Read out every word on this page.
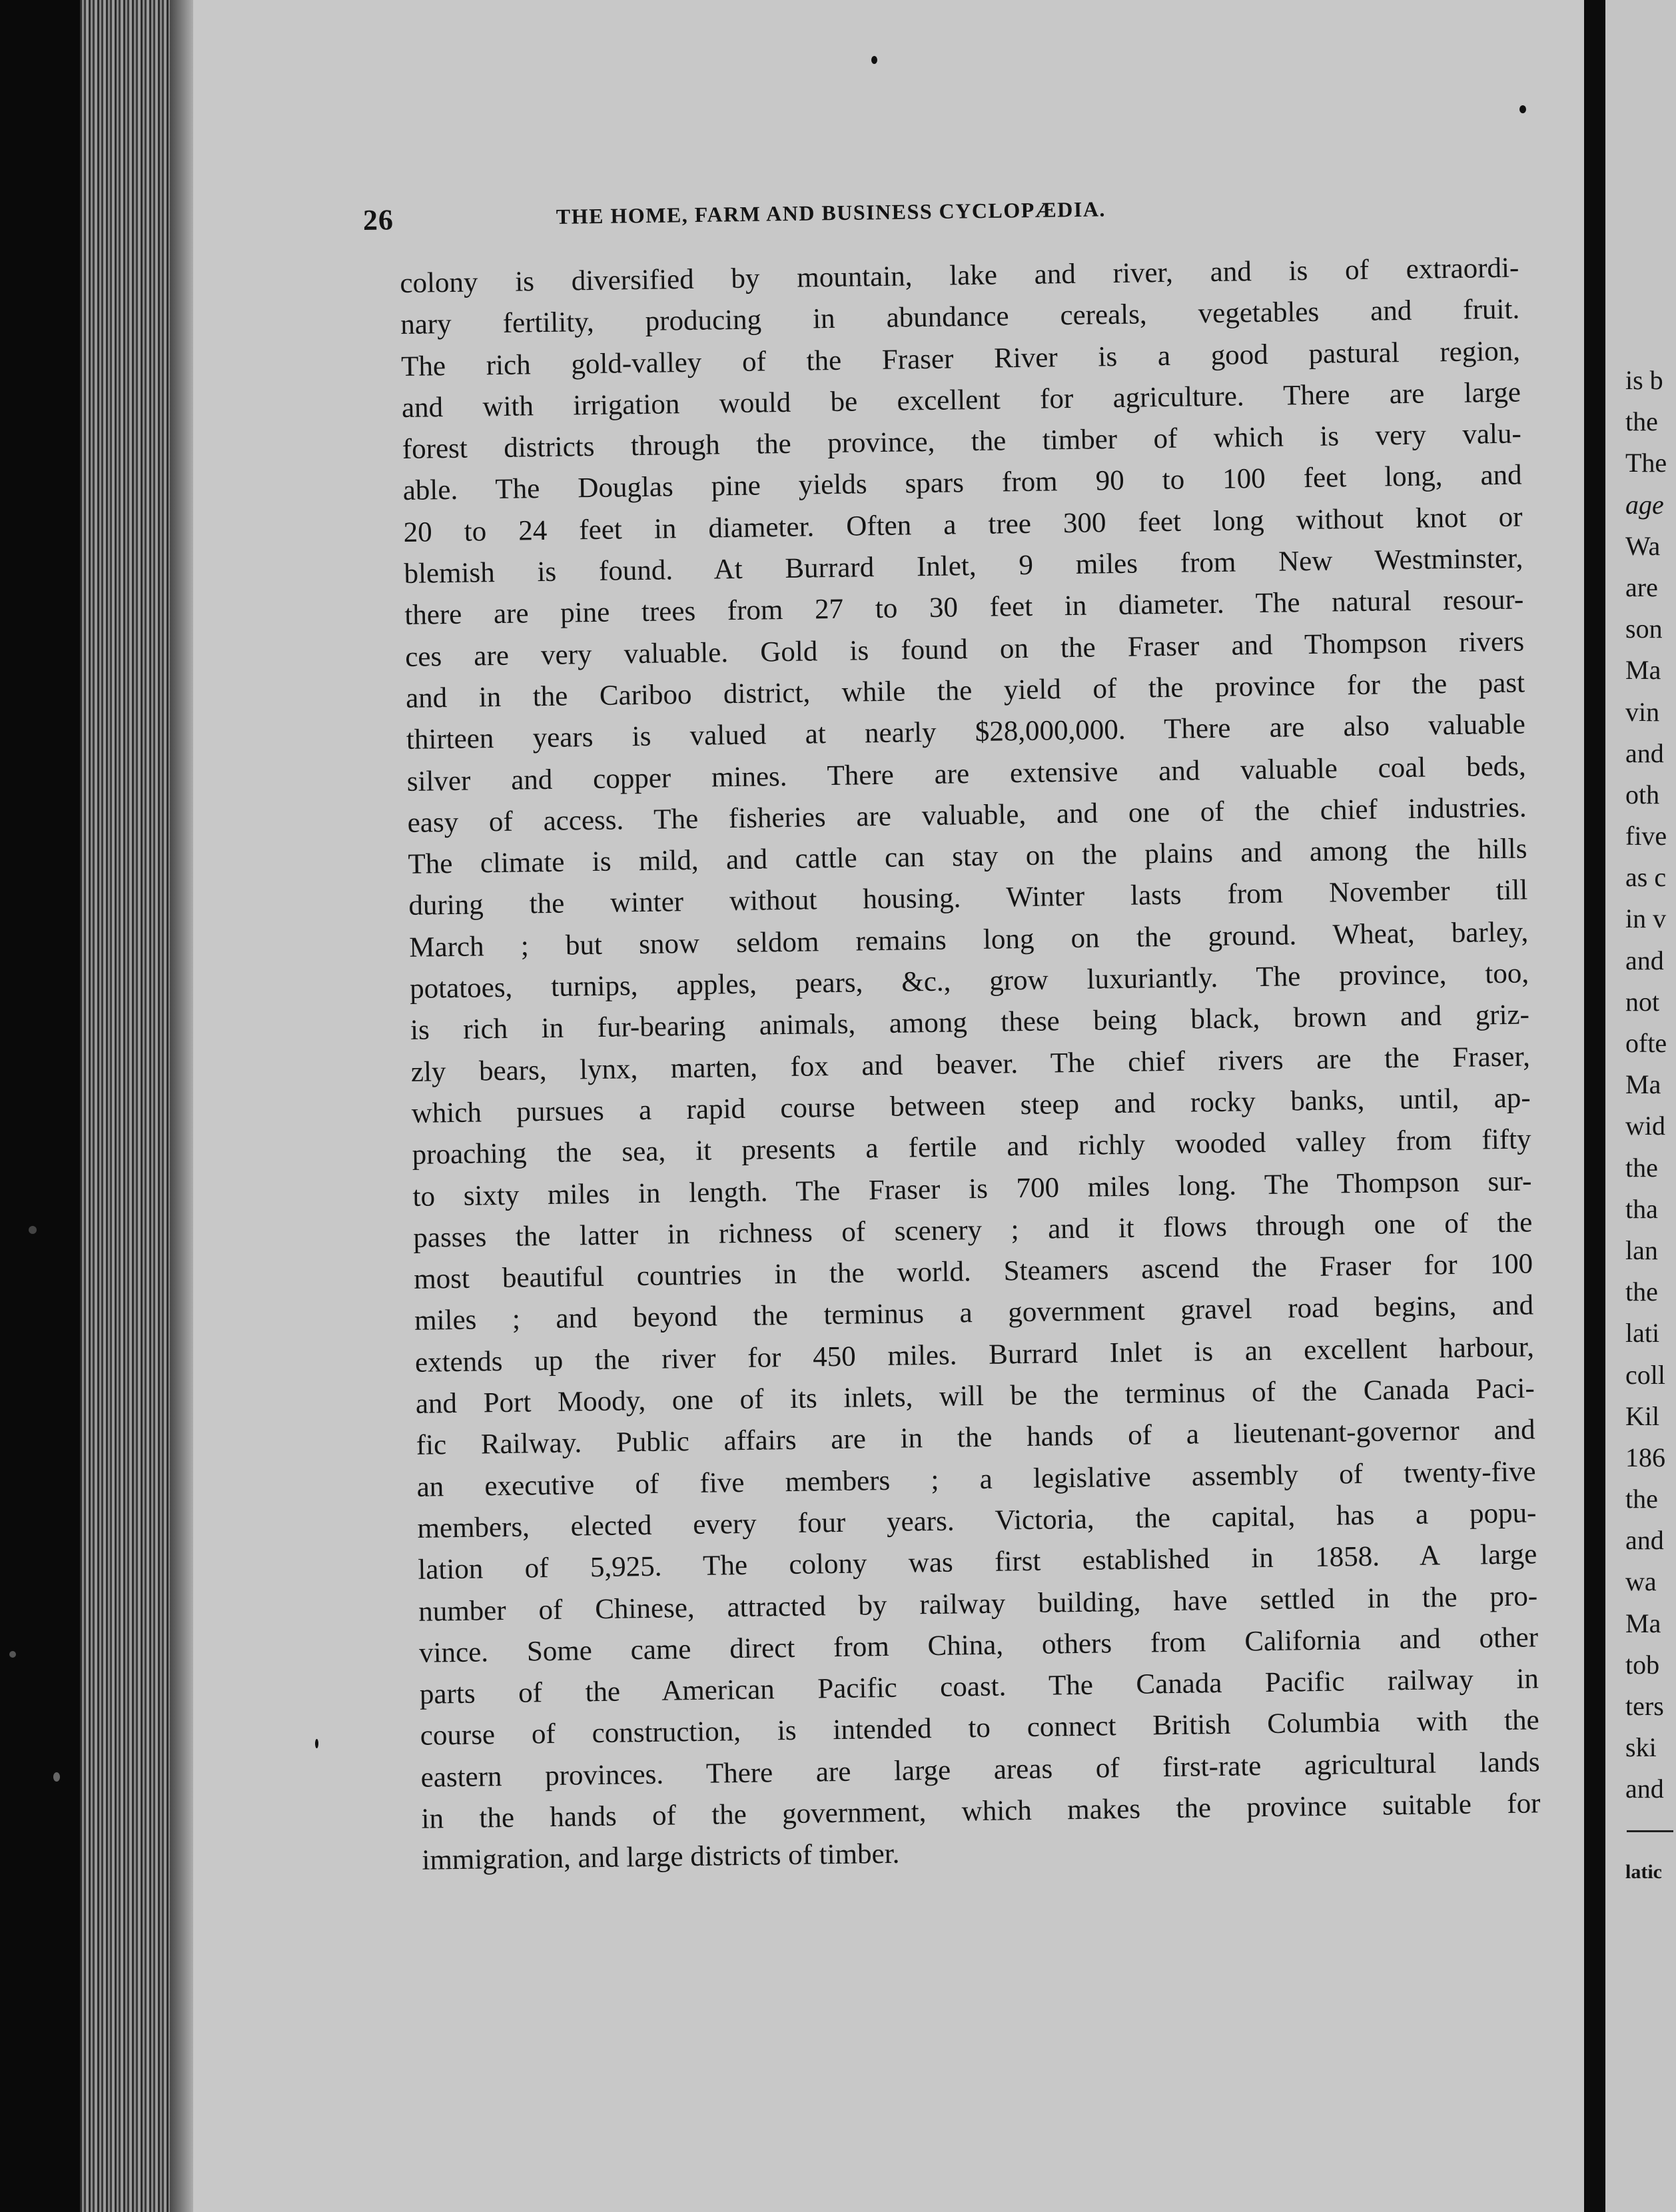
26	THE HOME, FARM AND BUSINESS CYCLOPÆDIA.
colony is diversified by mountain, lake and river, and is of extraordi-
nary fertility, producing in abundance cereals, vegetables and fruit.
The rich gold-valley of the Fraser River is a good pastural region,
and with irrigation would be excellent for agriculture. There are large
forest districts through the province, the timber of which is very valu-
able. The Douglas pine yields spars from 90 to 100 feet long, and
20 to 24 feet in diameter. Often a tree 300 feet long without knot or
blemish is found. At Burrard Inlet, 9 miles from New Westminster,
there are pine trees from 27 to 30 feet in diameter. The natural resour-
ces are very valuable. Gold is found on the Fraser and Thompson rivers
and in the Cariboo district, while the yield of the province for the past
thirteen years is valued at nearly $28,000,000. There are also valuable
silver and copper mines. There are extensive and valuable coal beds,
easy of access. The fisheries are valuable, and one of the chief industries.
The climate is mild, and cattle can stay on the plains and among the hills
during the winter without housing. Winter lasts from November till
March ; but snow seldom remains long on the ground. Wheat, barley,
potatoes, turnips, apples, pears, &c., grow luxuriantly. The province, too,
is rich in fur-bearing animals, among these being black, brown and griz-
zly bears, lynx, marten, fox and beaver. The chief rivers are the Fraser,
which pursues a rapid course between steep and rocky banks, until, ap-
proaching the sea, it presents a fertile and richly wooded valley from fifty
to sixty miles in length. The Fraser is 700 miles long. The Thompson sur-
passes the latter in richness of scenery ; and it flows through one of the
most beautiful countries in the world. Steamers ascend the Fraser for 100
miles ; and beyond the terminus a government gravel road begins, and
extends up the river for 450 miles. Burrard Inlet is an excellent harbour,
and Port Moody, one of its inlets, will be the terminus of the Canada Paci-
fic Railway. Public affairs are in the hands of a lieutenant-governor and
an executive of five members ; a legislative assembly of twenty-five
members, elected every four years. Victoria, the capital, has a popu-
lation of 5,925. The colony was first established in 1858. A large
number of Chinese, attracted by railway building, have settled in the pro-
vince. Some came direct from China, others from California and other
parts of the American Pacific coast. The Canada Pacific railway in
course of construction, is intended to connect British Columbia with the
eastern provinces. There are large areas of first-rate agricultural lands
in the hands of the government, which makes the province suitable for
immigration, and large districts of timber.
is b
the
The
age
Wa
are
son
Ma
vin
and
oth
five
as c
in v
and
not
ofte
Ma
wid
the
tha
lan
the
lati
coll
Kil
186
the
and
wa
Ma
tob
ters
ski
and
latic
